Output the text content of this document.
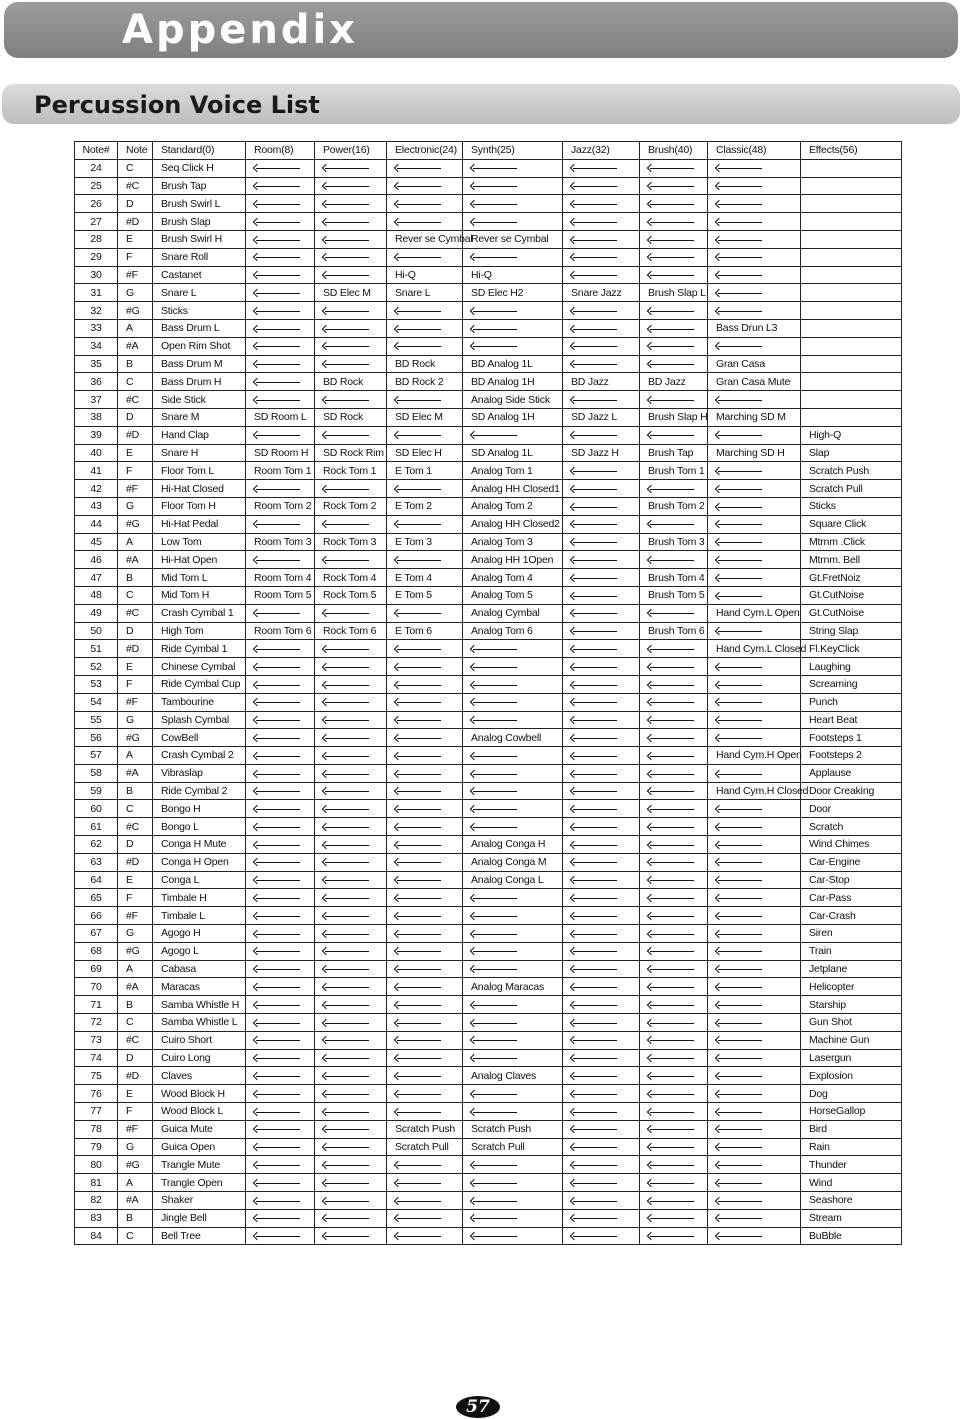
Appendix
Percussion Voice List
Note#	Note	Standard(0)	Room(8)	Power(16)	Electronic(24)	Synth(25)	Jazz(32)	Brush(40)	Classic(48)	Effects(56)
24	C	Seq Click H								
25	#C	Brush Tap								
26	D	Brush Swirl L								
27	#D	Brush Slap								
28	E	Brush Swirl H			Rever se Cymbal	Rever se Cymbal				
29	F	Snare Roll								
30	#F	Castanet			Hi-Q	Hi-Q				
31	G	Snare L		SD Elec M	Snare L	SD Elec H2	Snare Jazz	Brush Slap L		
32	#G	Sticks								
33	A	Bass Drum L							Bass Drun L3	
34	#A	Open Rim Shot								
35	B	Bass Drum M			BD Rock	BD Analog 1L			Gran Casa	
36	C	Bass Drum H		BD Rock	BD Rock 2	BD Analog 1H	BD Jazz	BD Jazz	Gran Casa Mute	
37	#C	Side Stick				Analog Side Stick				
38	D	Snare M	SD Room L	SD Rock	SD Elec M	SD Analog 1H	SD Jazz L	Brush Slap H	Marching SD M	
39	#D	Hand Clap								High-Q
40	E	Snare H	SD Room H	SD Rock Rim	SD Elec H	SD Analog 1L	SD Jazz H	Brush Tap	Marching SD H	Slap
41	F	Floor Tom L	Room Tom 1	Rock Tom 1	E Tom 1	Analog Tom 1		Brush Tom 1		Scratch Push
42	#F	Hi-Hat Closed				Analog HH Closed1				Scratch Pull
43	G	Floor Tom H	Room Tom 2	Rock Tom 2	E Tom 2	Analog Tom 2		Brush Tom 2		Sticks
44	#G	Hi-Hat Pedal				Analog HH Closed2				Square Click
45	A	Low Tom	Room Tom 3	Rock Tom 3	E Tom 3	Analog Tom 3		Brush Tom 3		Mtrnm .Click
46	#A	Hi-Hat Open				Analog HH 1Open				Mtrnm. Bell
47	B	Mid Tom L	Room Tom 4	Rock Tom 4	E Tom 4	Analog Tom 4		Brush Tom 4		Gt.FretNoiz
48	C	Mid Tom H	Room Tom 5	Rock Tom 5	E Tom 5	Analog Tom 5		Brush Tom 5		Gt.CutNoise
49	#C	Crash Cymbal 1				Analog Cymbal			Hand Cym.L Open	Gt.CutNoise
50	D	High Tom	Room Tom 6	Rock Tom 6	E Tom 6	Analog Tom 6		Brush Tom 6		String Slap
51	#D	Ride Cymbal 1							Hand Cym.L Closed	Fl.KeyClick
52	E	Chinese Cymbal								Laughing
53	F	Ride Cymbal Cup								Screaming
54	#F	Tambourine								Punch
55	G	Splash Cymbal								Heart Beat
56	#G	CowBell				Analog Cowbell				Footsteps 1
57	A	Crash Cymbal 2							Hand Cym.H Open	Footsteps 2
58	#A	Vibraslap								Applause
59	B	Ride Cymbal 2							Hand Cym.H Closed	Door Creaking
60	C	Bongo H								Door
61	#C	Bongo L								Scratch
62	D	Conga H Mute				Analog Conga H				Wind Chimes
63	#D	Conga H Open				Analog Conga M				Car-Engine
64	E	Conga L				Analog Conga L				Car-Stop
65	F	Timbale H								Car-Pass
66	#F	Timbale L								Car-Crash
67	G	Agogo H								Siren
68	#G	Agogo L								Train
69	A	Cabasa								Jetplane
70	#A	Maracas				Analog Maracas				Helicopter
71	B	Samba Whistle H								Starship
72	C	Samba Whistle L								Gun Shot
73	#C	Cuiro Short								Machine Gun
74	D	Cuiro Long								Lasergun
75	#D	Claves				Analog Claves				Explosion
76	E	Wood Block H								Dog
77	F	Wood Block L								HorseGallop
78	#F	Guica Mute			Scratch Push	Scratch Push				Bird
79	G	Guica Open			Scratch Pull	Scratch Pull				Rain
80	#G	Trangle Mute								Thunder
81	A	Trangle Open								Wind
82	#A	Shaker								Seashore
83	B	Jingle Bell								Stream
84	C	Bell Tree								BuBble
57
